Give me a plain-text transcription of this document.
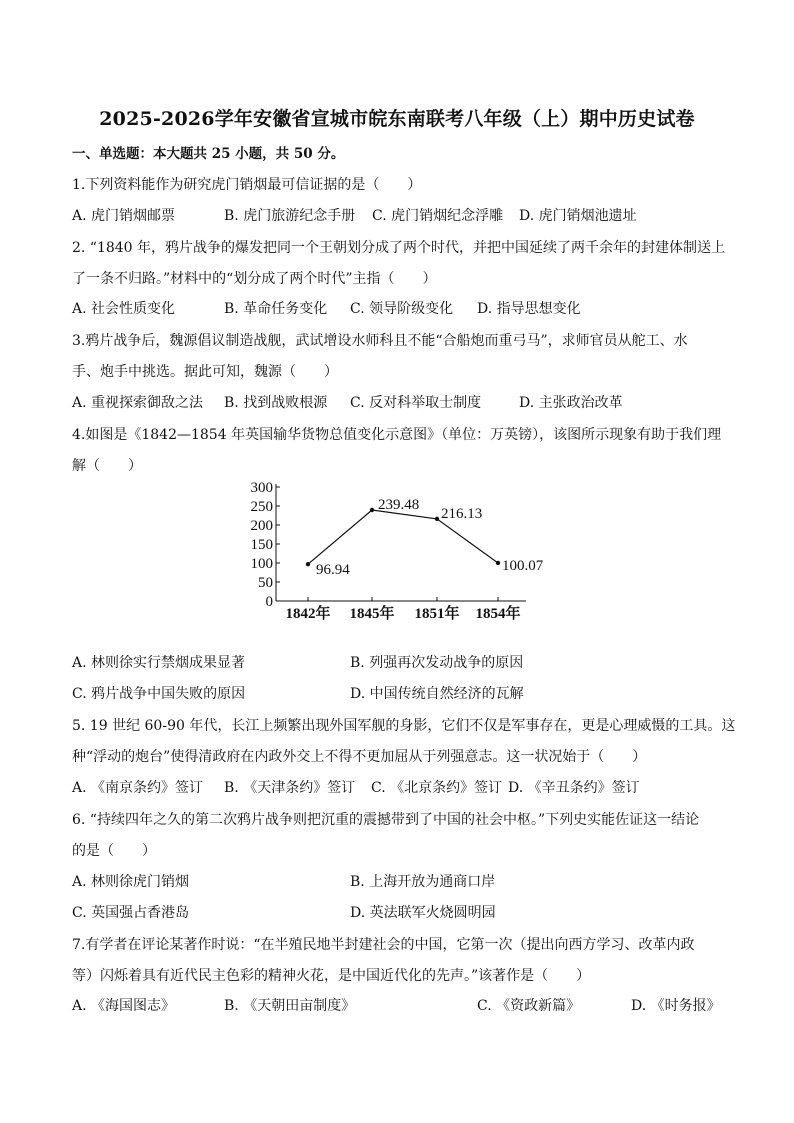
2025-2026学年安徽省宣城市皖东南联考八年级（上）期中历史试卷
一、单选题：本大题共 25 小题，共 50 分。
1.下列资料能作为研究虎门销烟最可信证据的是（　　）
A. 虎门销烟邮票	B. 虎门旅游纪念手册 C. 虎门销烟纪念浮雕 D. 虎门销烟池遗址
2. “1840 年，鸦片战争的爆发把同一个王朝划分成了两个时代，并把中国延续了两千余年的封建体制送上
了一条不归路。”材料中的“划分成了两个时代”主指（　　）
A. 社会性质变化	B. 革命任务变化 C. 领导阶级变化 D. 指导思想变化
3.鸦片战争后，魏源倡议制造战舰，武试增设水师科且不能“合船炮而重弓马”，求师官员从舵工、水
手、炮手中挑选。据此可知，魏源（　　）
A. 重视探索御敌之法 B. 找到战败根源 C. 反对科举取士制度	D. 主张政治改革
4.如图是《1842—1854 年英国输华货物总值变化示意图》（单位：万英镑），该图所示现象有助于我们理
解（　　）
0
50
100
150
200
250
300
1842年 1845年 1851年 1854年
96.94
239.48
216.13
100.07
A. 林则徐实行禁烟成果显著	B. 列强再次发动战争的原因
C. 鸦片战争中国失败的原因	D. 中国传统自然经济的瓦解
5. 19 世纪 60-90 年代，长江上频繁出现外国军舰的身影，它们不仅是军事存在，更是心理威慑的工具。这
种“浮动的炮台”使得清政府在内政外交上不得不更加屈从于列强意志。这一状况始于（　　）
A. 《南京条约》签订 B. 《天津条约》签订 C. 《北京条约》签订 D. 《辛丑条约》签订
6. “持续四年之久的第二次鸦片战争则把沉重的震撼带到了中国的社会中枢。”下列史实能佐证这一结论
的是（　　）
A. 林则徐虎门销烟	B. 上海开放为通商口岸
C. 英国强占香港岛	D. 英法联军火烧圆明园
7.有学者在评论某著作时说：“在半殖民地半封建社会的中国，它第一次（提出向西方学习、改革内政
等）闪烁着具有近代民主色彩的精神火花，是中国近代化的先声。”该著作是（　　）
A. 《海国图志》	B. 《天朝田亩制度》	C. 《资政新篇》	D. 《时务报》
